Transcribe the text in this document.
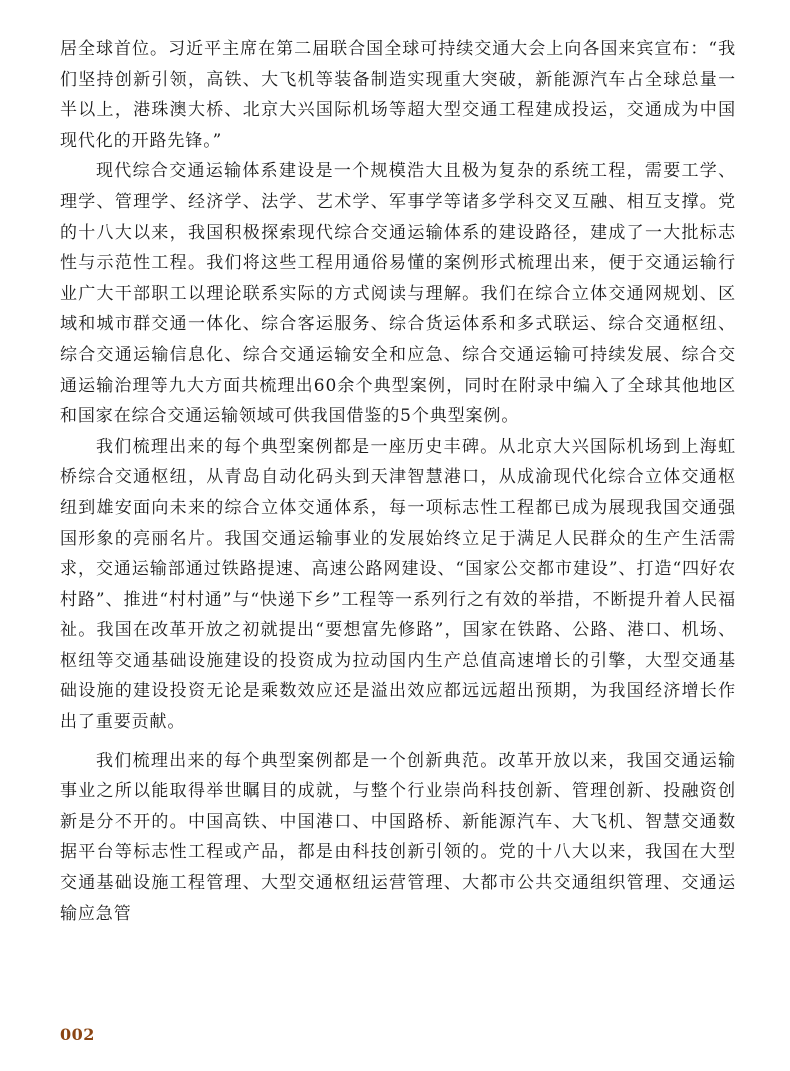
居全球首位。习近平主席在第二届联合国全球可持续交通大会上向各国来宾宣布：“我们坚持创新引领，高铁、大飞机等装备制造实现重大突破，新能源汽车占全球总量一半以上，港珠澳大桥、北京大兴国际机场等超大型交通工程建成投运，交通成为中国现代化的开路先锋。”

现代综合交通运输体系建设是一个规模浩大且极为复杂的系统工程，需要工学、理学、管理学、经济学、法学、艺术学、军事学等诸多学科交叉互融、相互支撑。党的十八大以来，我国积极探索现代综合交通运输体系的建设路径，建成了一大批标志性与示范性工程。我们将这些工程用通俗易懂的案例形式梳理出来，便于交通运输行业广大干部职工以理论联系实际的方式阅读与理解。我们在综合立体交通网规划、区域和城市群交通一体化、综合客运服务、综合货运体系和多式联运、综合交通枢纽、综合交通运输信息化、综合交通运输安全和应急、综合交通运输可持续发展、综合交通运输治理等九大方面共梳理出60余个典型案例，同时在附录中编入了全球其他地区和国家在综合交通运输领域可供我国借鉴的5个典型案例。

我们梳理出来的每个典型案例都是一座历史丰碑。从北京大兴国际机场到上海虹桥综合交通枢纽，从青岛自动化码头到天津智慧港口，从成渝现代化综合立体交通枢纽到雄安面向未来的综合立体交通体系，每一项标志性工程都已成为展现我国交通强国形象的亮丽名片。我国交通运输事业的发展始终立足于满足人民群众的生产生活需求，交通运输部通过铁路提速、高速公路网建设、“国家公交都市建设”、打造“四好农村路”、推进“村村通”与“快递下乡”工程等一系列行之有效的举措，不断提升着人民福祉。我国在改革开放之初就提出“要想富先修路”，国家在铁路、公路、港口、机场、枢纽等交通基础设施建设的投资成为拉动国内生产总值高速增长的引擎，大型交通基础设施的建设投资无论是乘数效应还是溢出效应都远远超出预期，为我国经济增长作出了重要贡献。

我们梳理出来的每个典型案例都是一个创新典范。改革开放以来，我国交通运输事业之所以能取得举世瞩目的成就，与整个行业崇尚科技创新、管理创新、投融资创新是分不开的。中国高铁、中国港口、中国路桥、新能源汽车、大飞机、智慧交通数据平台等标志性工程或产品，都是由科技创新引领的。党的十八大以来，我国在大型交通基础设施工程管理、大型交通枢纽运营管理、大都市公共交通组织管理、交通运输应急管

002
